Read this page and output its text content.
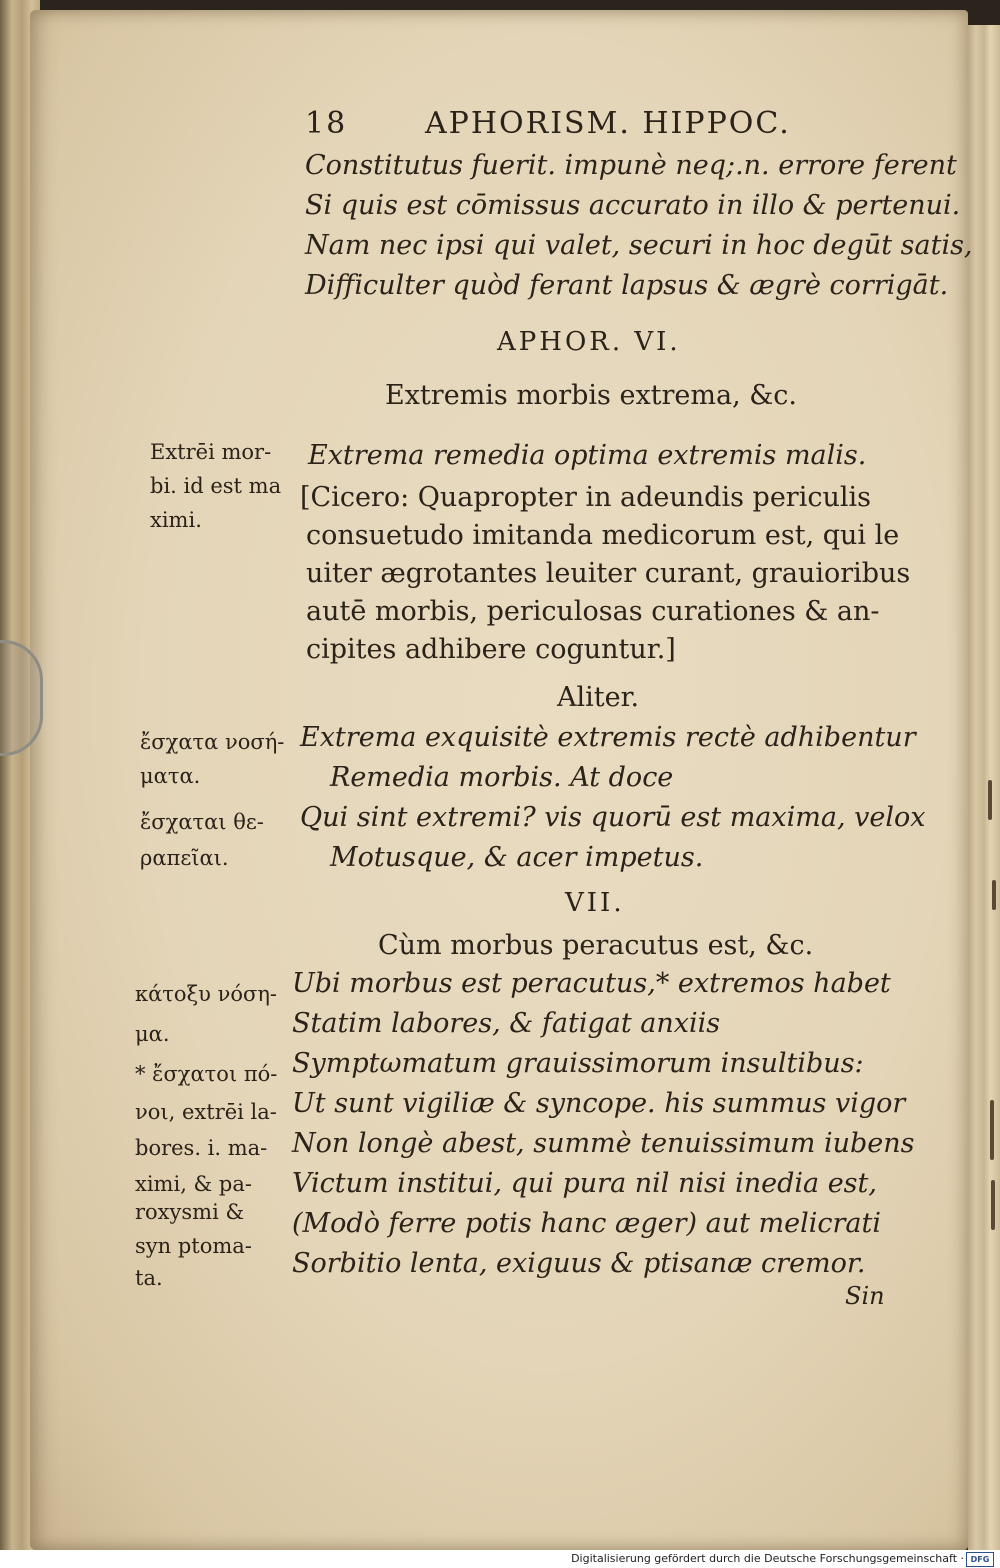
18	APHORISM. HIPPOC.
Constitutus fuerit. impunè neq;.n. errore ferent
Si quis est cōmissus accurato in illo & pertenui.
Nam nec ipsi qui valet, securi in hoc degūt satis,
Difficulter quòd ferant lapsus & ægrè corrigāt.
APHOR. VI.
Extremis morbis extrema, &c.
Extrēi mor-
bi. id est ma
ximi.
Extrema remedia optima extremis malis.
[Cicero: Quapropter in adeundis periculis
consuetudo imitanda medicorum est, qui le
uiter ægrotantes leuiter curant, grauioribus
autē morbis, periculosas curationes & an-
cipites adhibere coguntur.]
Aliter.
ἔσχατα νοσή-
ματα.
ἔσχαται θε-
ραπεῖαι.
Extrema exquisitè extremis rectè adhibentur
Remedia morbis. At doce
Qui sint extremi? vis quorū est maxima, velox
Motusque, & acer impetus.
VII.
Cùm morbus peracutus est, &c.
κάτοξυ νόση-
μα.
* ἔσχατοι πό-
νοι, extrēi la-
bores. i. ma-
ximi, & pa-
roxysmi &
syn ptoma-
ta.
Ubi morbus est peracutus,* extremos habet
Statim labores, & fatigat anxiis
Symptωmatum grauissimorum insultibus:
Ut sunt vigiliæ & syncope. his summus vigor
Non longè abest, summè tenuissimum iubens
Victum institui, qui pura nil nisi inedia est,
(Modò ferre potis hanc æger) aut melicrati
Sorbitio lenta, exiguus & ptisanæ cremor.
Sin
Digitalisierung gefördert durch die Deutsche Forschungsgemeinschaft · DFG
